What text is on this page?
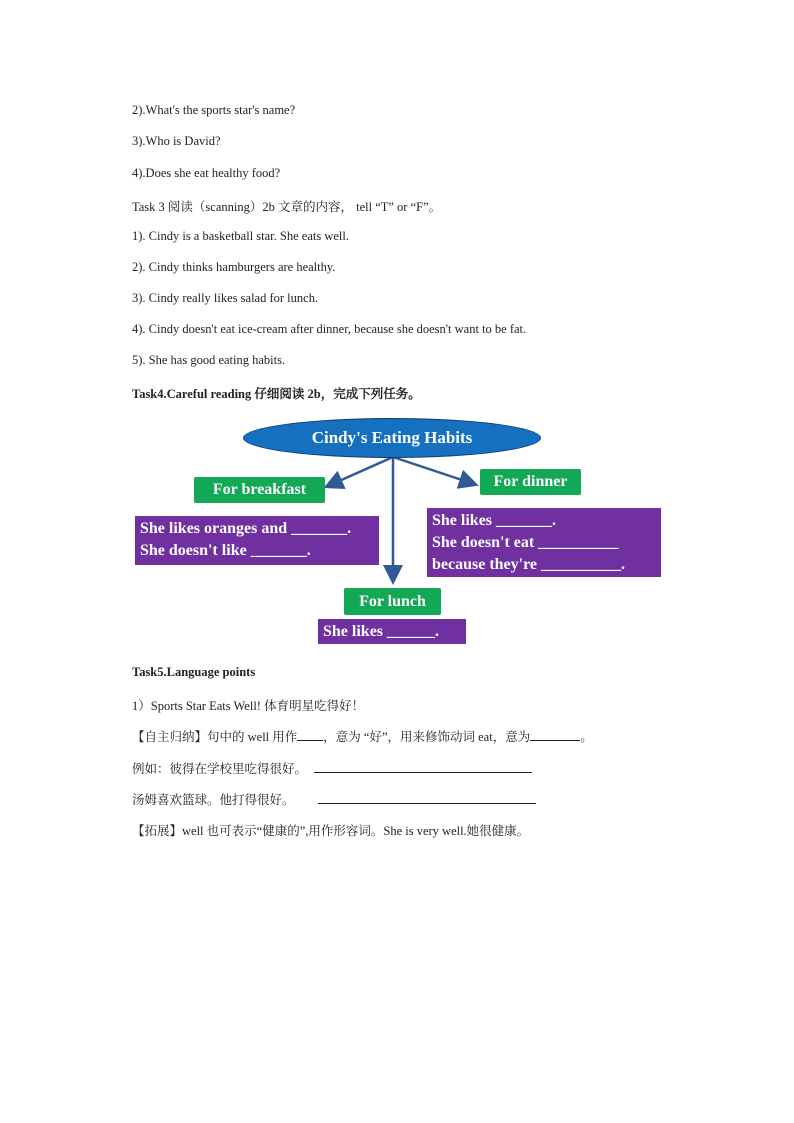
2).What's the sports star's name?
3).Who is David?
4).Does she eat healthy food?
Task 3 阅读（scanning）2b 文章的内容， tell “T” or “F”。
1). Cindy is a basketball star. She eats well.
2). Cindy thinks hamburgers are healthy.
3). Cindy really likes salad for lunch.
4). Cindy doesn't eat ice-cream after dinner, because she doesn't want to be fat.
5). She has good eating habits.
Task4.Careful reading 仔细阅读 2b，完成下列任务。
Cindy's Eating Habits
For breakfast	For dinner
For lunch
She likes oranges and _______.
She doesn't like _______.
She likes _______.
She doesn't eat __________
because they're __________.
She likes ______.
Task5.Language points
1）Sports Star Eats Well! 体育明星吃得好！
【自主归纳】句中的 well 用作 ，意为 “好”，用来修饰动词 eat，意为	。
例如：彼得在学校里吃得很好。
汤姆喜欢篮球。他打得很好。
【拓展】well 也可表示“健康的”,用作形容词。She is very well.她很健康。
